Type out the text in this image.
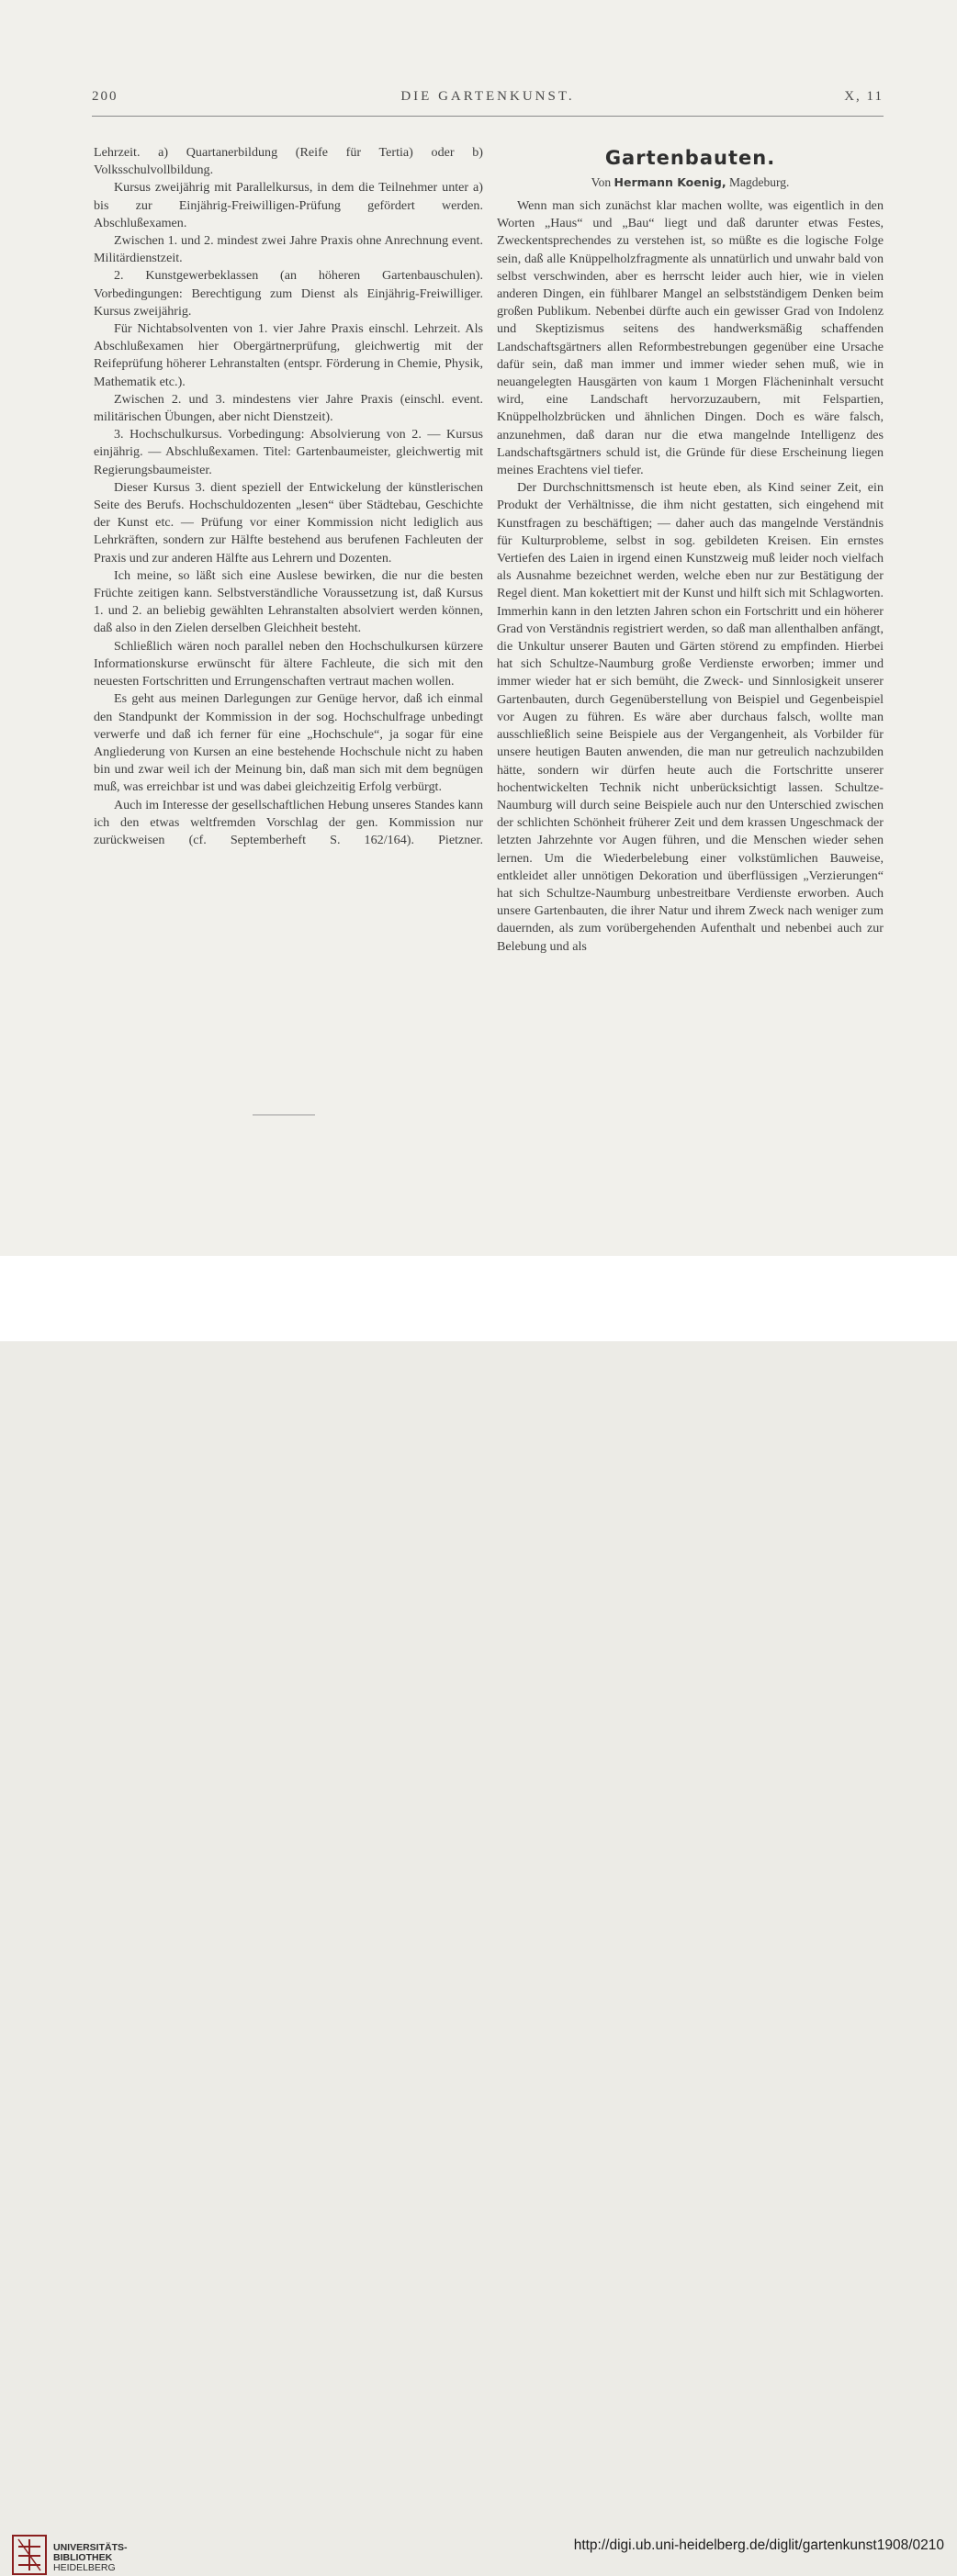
200	DIE GARTENKUNST.	X, 11

Lehrzeit. a) Quartanerbildung (Reife für Tertia) oder b) Volksschulvollbildung.

Kursus zweijährig mit Parallelkursus, in dem die Teilnehmer unter a) bis zur Einjährig-Freiwilligen-Prüfung gefördert werden. Abschlußexamen.

Zwischen 1. und 2. mindest zwei Jahre Praxis ohne Anrechnung event. Militärdienstzeit.

2. Kunstgewerbeklassen (an höheren Gartenbauschulen). Vorbedingungen: Berechtigung zum Dienst als Einjährig-Freiwilliger. Kursus zweijährig.

Für Nichtabsolventen von 1. vier Jahre Praxis einschl. Lehrzeit. Als Abschlußexamen hier Obergärtnerprüfung, gleichwertig mit der Reifeprüfung höherer Lehranstalten (entspr. Förderung in Chemie, Physik, Mathematik etc.).

Zwischen 2. und 3. mindestens vier Jahre Praxis (einschl. event. militärischen Übungen, aber nicht Dienstzeit).

3. Hochschulkursus. Vorbedingung: Absolvierung von 2. — Kursus einjährig. — Abschlußexamen. Titel: Gartenbaumeister, gleichwertig mit Regierungsbaumeister.

Dieser Kursus 3. dient speziell der Entwickelung der künstlerischen Seite des Berufs. Hochschuldozenten „lesen“ über Städtebau, Geschichte der Kunst etc. — Prüfung vor einer Kommission nicht lediglich aus Lehrkräften, sondern zur Hälfte bestehend aus berufenen Fachleuten der Praxis und zur anderen Hälfte aus Lehrern und Dozenten.

Ich meine, so läßt sich eine Auslese bewirken, die nur die besten Früchte zeitigen kann. Selbstverständliche Voraussetzung ist, daß Kursus 1. und 2. an beliebig gewählten Lehranstalten absolviert werden können, daß also in den Zielen derselben Gleichheit besteht.

Schließlich wären noch parallel neben den Hochschulkursen kürzere Informationskurse erwünscht für ältere Fachleute, die sich mit den neuesten Fortschritten und Errungenschaften vertraut machen wollen.

Es geht aus meinen Darlegungen zur Genüge hervor, daß ich einmal den Standpunkt der Kommission in der sog. Hochschulfrage unbedingt verwerfe und daß ich ferner für eine „Hochschule“, ja sogar für eine Angliederung von Kursen an eine bestehende Hochschule nicht zu haben bin und zwar weil ich der Meinung bin, daß man sich mit dem begnügen muß, was erreichbar ist und was dabei gleichzeitig Erfolg verbürgt.

Auch im Interesse der gesellschaftlichen Hebung unseres Standes kann ich den etwas weltfremden Vorschlag der gen. Kommission nur zurückweisen (cf. Septemberheft S. 162/164). Pietzner.

Gartenbauten.
Von Hermann Koenig, Magdeburg.

Wenn man sich zunächst klar machen wollte, was eigentlich in den Worten „Haus“ und „Bau“ liegt und daß darunter etwas Festes, Zweckentsprechendes zu verstehen ist, so müßte es die logische Folge sein, daß alle Knüppelholzfragmente als unnatürlich und unwahr bald von selbst verschwinden, aber es herrscht leider auch hier, wie in vielen anderen Dingen, ein fühlbarer Mangel an selbstständigem Denken beim großen Publikum. Nebenbei dürfte auch ein gewisser Grad von Indolenz und Skeptizismus seitens des handwerksmäßig schaffenden Landschaftsgärtners allen Reformbestrebungen gegenüber eine Ursache dafür sein, daß man immer und immer wieder sehen muß, wie in neuangelegten Hausgärten von kaum 1 Morgen Flächeninhalt versucht wird, eine Landschaft hervorzuzaubern, mit Felspartien, Knüppelholzbrücken und ähnlichen Dingen. Doch es wäre falsch, anzunehmen, daß daran nur die etwa mangelnde Intelligenz des Landschaftsgärtners schuld ist, die Gründe für diese Erscheinung liegen meines Erachtens viel tiefer.

Der Durchschnittsmensch ist heute eben, als Kind seiner Zeit, ein Produkt der Verhältnisse, die ihm nicht gestatten, sich eingehend mit Kunstfragen zu beschäftigen; — daher auch das mangelnde Verständnis für Kulturprobleme, selbst in sog. gebildeten Kreisen. Ein ernstes Vertiefen des Laien in irgend einen Kunstzweig muß leider noch vielfach als Ausnahme bezeichnet werden, welche eben nur zur Bestätigung der Regel dient. Man kokettiert mit der Kunst und hilft sich mit Schlagworten. Immerhin kann in den letzten Jahren schon ein Fortschritt und ein höherer Grad von Verständnis registriert werden, so daß man allenthalben anfängt, die Unkultur unserer Bauten und Gärten störend zu empfinden. Hierbei hat sich Schultze-Naumburg große Verdienste erworben; immer und immer wieder hat er sich bemüht, die Zweck- und Sinnlosigkeit unserer Gartenbauten, durch Gegenüberstellung von Beispiel und Gegenbeispiel vor Augen zu führen. Es wäre aber durchaus falsch, wollte man ausschließlich seine Beispiele aus der Vergangenheit, als Vorbilder für unsere heutigen Bauten anwenden, die man nur getreulich nachzubilden hätte, sondern wir dürfen heute auch die Fortschritte unserer hochentwickelten Technik nicht unberücksichtigt lassen. Schultze-Naumburg will durch seine Beispiele auch nur den Unterschied zwischen der schlichten Schönheit früherer Zeit und dem krassen Ungeschmack der letzten Jahrzehnte vor Augen führen, und die Menschen wieder sehen lernen. Um die Wiederbelebung einer volkstümlichen Bauweise, entkleidet aller unnötigen Dekoration und überflüssigen „Verzierungen“ hat sich Schultze-Naumburg unbestreitbare Verdienste erworben. Auch unsere Gartenbauten, die ihrer Natur und ihrem Zweck nach weniger zum dauernden, als zum vorübergehenden Aufenthalt und nebenbei auch zur Belebung und als

UNIVERSITÄTS-
BIBLIOTHEK
HEIDELBERG
http://digi.ub.uni-heidelberg.de/diglit/gartenkunst1908/0210
